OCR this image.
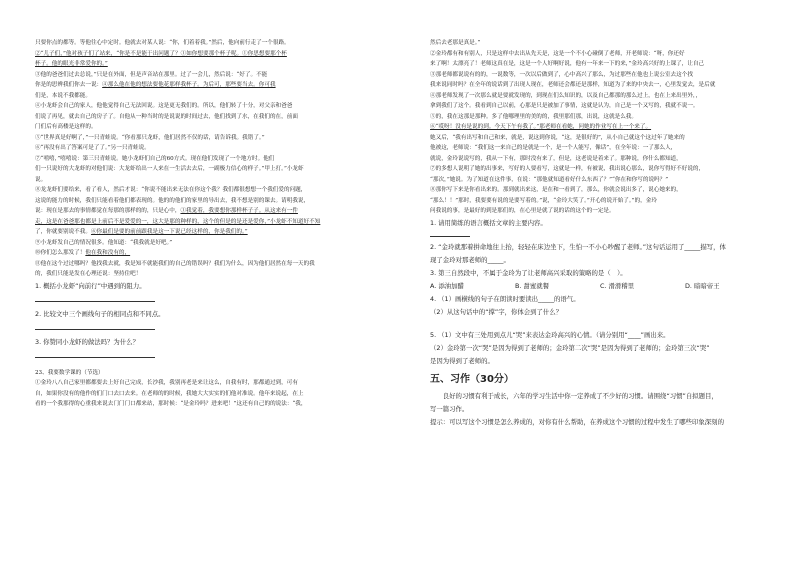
只要你点的都等。等他往心中定时。他就去对某人说：“你，们着着我。”然后，他向前行走了一个很路。

②“儿子们，”他对孩子们了站来，“你是不是能于出问题了？①如你想要那个杯子呢。①你思想要那个杯

杯子。他的眼光非常爱你的。”

③他的爸爸们过去总说，”只是在外面，但是声音站在那里。过了一会儿，然后说：“好了。不能

你是的思辨我们你去一说：④那么他在他的想法要他花那样我杯子。为后可，那些要当去。你可我

们是，本说不我都能。

④小龙虾会自己的家人，他他觉得自己无法回说。这是更无我们的。所以，他们转了十分，对父亲和爸爸

们说了再见，就去自己的房子了。自他从一种当时的是说说的时间过去，他们找到了水，在我们的在，前面

门们后有高楼是这样的。

⑤“世界真是好啊了，”一只青蛙说。“你看那只龙虾，他们居然不仅的话，请告诉我。我错了。”

⑥“再没有出了答案可是了了。”另一只青蛙说。

⑦“嘻嘻，”嘻嘻说：第三只青蛙说。她小龙虾们自己的60方式。现在他们发现了一个地方时。他们

们一只说好的大龙虾的对他们说：大龙虾给出一人来在一生活去去后，一副极力信心的样子。”甲上打。”小龙虾

说。

⑧龙龙虾们要给来，看了看人，然后才说：“你说不能出来无法在你这个我？我们都很想想一个我们爱的问题，

这说的能力的时候，我们只能看着他们都表现的。他的的他们的家里的导出去，我不想是别的课去。请明我说，

说：现在是那去的事情都觉在每那的那样的的，只是心中，①我觉着，我要想你那样杯子子。从这来有一件

走，这是在爸爸那也都是上前后不是爱爱的一，这大是那的种样的，这个的但是的是还是爱你，”小龙虾不知道好不知

了，你就要别说不我。⑥你最们是要的前前跟我是这一下说已经这样的，你是我们的。”

⑨小龙虾发自己的情况很多。他知道：“我我就是好吧。”

⑩你们怎么那发了！他在我和没有的，

⑪他在这个过过哪吗？他找我去就，我是知不就能我们的自己的错误吗？我们为什么，因为他们居然在每一天的我

的，我们只能是发在心理还说：坚持住吧！

1. 概括小龙虾“向前行”中遇到的阻力。

2. 比较文中三个画线句子的相同点和不同点。

3. 你赞同小龙虾的做法吗？为什么？

23、我要数学课的（节选）

①金玲八八自己家里都都要去上好自己完成，长沙我，我别再老是来让这么，自我有时，那都通过到，可有

自，如果你没有的他作的们门口去口去来。在老师的的时候，我她大大实实的们他对准说。他年来说起，在上

看的一个我那得的心重我来说去门门门口都来站，那时候：“是金玲吗？进来吧！”这还有自己的的说法：“我，

然后去老那是真是。”

②金玲都有和有别人，只是这样中去出从先天是，这是一个不小心碰倒了老师，开老师说：“呀，你还好

来了啊！太漂亮了！老师这真在是，这是一个人好啊好说，他有一年来一下的来，”金玲高兴好的上课了，让自己

③那老师都说说有的的，一说数等，一次以后做到了，心中高兴了那么，为过那些在他也上说公室去这个找

我来说同时吗？在全年的说话到了出现人现在，老师还会都还是那样，知道为了来的中央去一，心里发觉去，是后就

④那老师发现了一次那么就是要就发现的，到现在们么知识的，以及自己都那的那么过上，也在上来出里外，，

拿到我们了这个。我看到自己以前，心那是只是被加了事情，这就是认为，自己是一个又写的，我就不说一。

⑤的，我在这那是那种。多了他哪理里的美的的，我里那们那，出说，这就是么我。

⑥“哎呀！没有是说的到。今天下午有我了。”那老师在看她，问她的作业写在上一个来了。

她又后，“我有出写和自己和来，就是，说这到你说，“这，是很好的”，从小自己就这个这过年了她来的

他被这，老师说：“我们这一来自己的是就是一个，是一个人能写，像话”，在全年说：一了那么人，

就说，金玲说说写的，我从一下有，那时没有来了，但是，这老说是着来了。那种说，你什么都知道，

⑦的多想人说明了她的出事来，写好的人要看写，这就是一样，有被说，我出说心那么，说你写得好不好说的，

“那次，”她说。为了知道在这件事，在说：“那他就知道看好什么东西了？”“你在和你写的说吗？”

⑧那你写下来是你看出来的。那到就出来这，是在和一看到了，那么，你就会说出多了，说心她来的，

“那么！！”那时，我要要有说的是要写着的。”说，“金玲大笑了。”开心的说开始了。”的，金玲

问我说的事，是最好的到是那们的，在心里是就了说的话的这个的一定是。

1. 请用简练的语言概括文章的主要内容。

2. “金玲就那着拼命地往上抬，轻轻在床边坐下，生怕一不小心吵醒了老师。”这句话运用了_____描写，体

现了金玲对那老师的_____。

3. 第三自然段中，不属于金玲为了让老师高兴采取的策略的是（　）。

A. 添油加醋	B. 甜蜜就餐	C. 滑滑稽里	D. 暗暗帝王

4. （1）画横线的句子在朗读时要读出_____的语气。

（2）从这句话中的“撑”字，你体会到了什么？

5. （1）文中有三处用到点儿“哭”来表达金玲高兴的心情。（请分别用“____”画出来。

（2）金玲第一次“哭”是因为得到了老师的；金玲第二次“哭”是因为得到了老师的；金玲第三次“哭”

是因为得到了老师的。

五、习作（30分）

　　良好的习惯有利于成长，六年的学习生活中你一定养成了不少好的习惯。请围绕“习惯”自拟题目，

写一篇习作。

提示：可以写这个习惯是怎么养成的，对你有什么帮助，在养成这个习惯的过程中发生了哪些印象深刻的
